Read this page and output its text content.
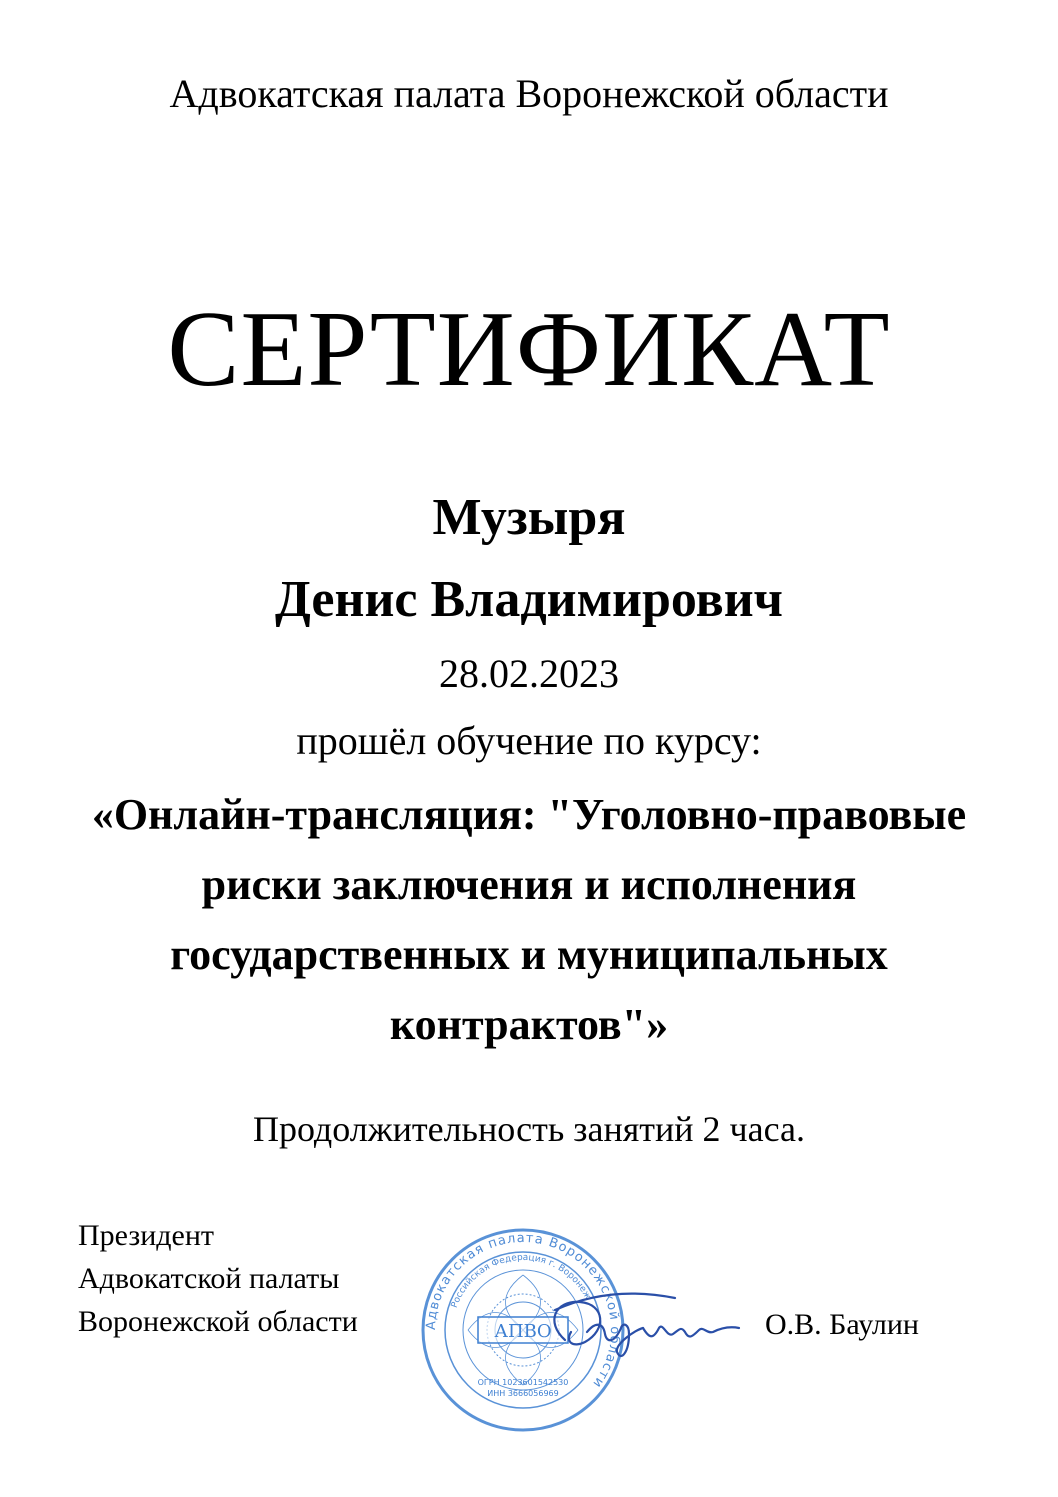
Адвокатская палата Воронежской области
СЕРТИФИКАТ
Музыря
Денис Владимирович
28.02.2023
прошёл обучение по курсу:
«Онлайн-трансляция: "Уголовно-правовые
риски заключения и исполнения
государственных и муниципальных
контрактов"»
Продолжительность занятий 2 часа.
Президент
Адвокатской палаты
Воронежской области	Адвокатская палата Воронежской области
Российская Федерация г. Воронеж
АПВО
ОГРН 1023601542530
ИНН 3666056969
О.В. Баулин
